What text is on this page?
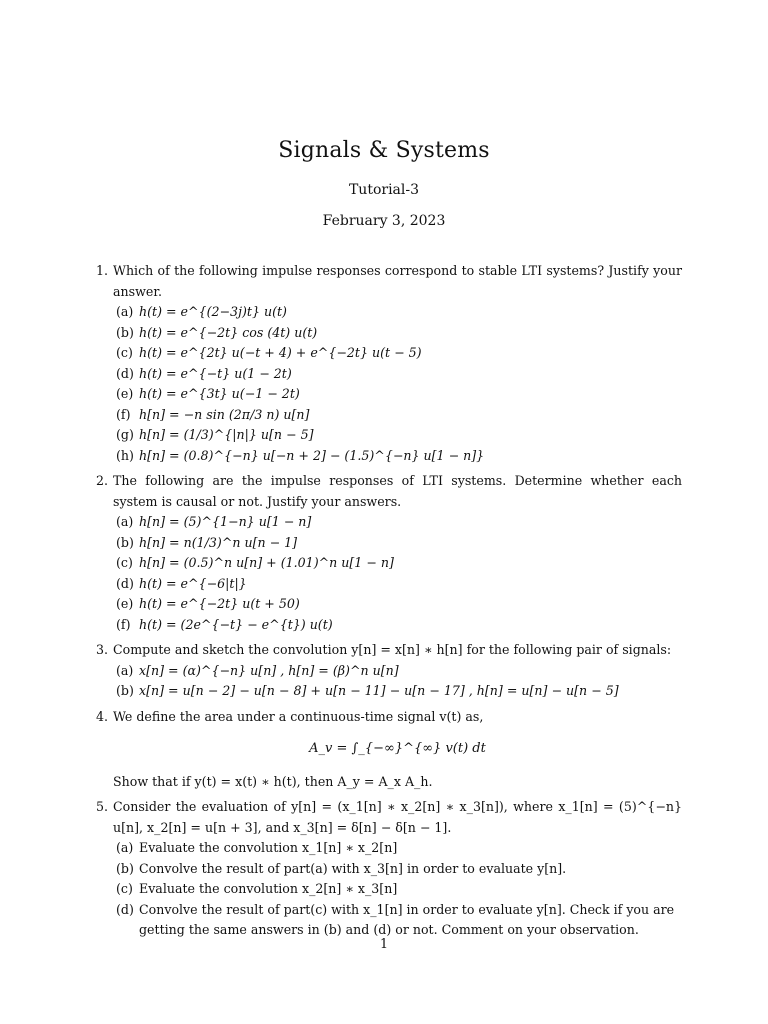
Signals & Systems
Tutorial-3
February 3, 2023
1. Which of the following impulse responses correspond to stable LTI systems? Justify your answer.
(a) h(t) = e^{(2−3j)t} u(t)
(b) h(t) = e^{−2t} cos (4t) u(t)
(c) h(t) = e^{2t} u(−t + 4) + e^{−2t} u(t − 5)
(d) h(t) = e^{−t} u(1 − 2t)
(e) h(t) = e^{3t} u(−1 − 2t)
(f) h[n] = −n sin (2π/3 n) u[n]
(g) h[n] = (1/3)^{|n|} u[n − 5]
(h) h[n] = (0.8)^{−n} u[−n + 2] − (1.5)^{−n} u[1 − n]}
2. The following are the impulse responses of LTI systems. Determine whether each system is causal or not. Justify your answers.
(a) h[n] = (5)^{1−n} u[1 − n]
(b) h[n] = n(1/3)^n u[n − 1]
(c) h[n] = (0.5)^n u[n] + (1.01)^n u[1 − n]
(d) h(t) = e^{−6|t|}
(e) h(t) = e^{−2t} u(t + 50)
(f) h(t) = (2e^{−t} − e^{t}) u(t)
3. Compute and sketch the convolution y[n] = x[n] ∗ h[n] for the following pair of signals:
(a) x[n] = (α)^{−n} u[n] , h[n] = (β)^n u[n]
(b) x[n] = u[n − 2] − u[n − 8] + u[n − 11] − u[n − 17] , h[n] = u[n] − u[n − 5]
4. We define the area under a continuous-time signal v(t) as,
A_v = ∫_{−∞}^{∞} v(t) dt
Show that if y(t) = x(t) ∗ h(t), then A_y = A_x A_h.
5. Consider the evaluation of y[n] = (x_1[n] ∗ x_2[n] ∗ x_3[n]), where x_1[n] = (5)^{−n} u[n], x_2[n] = u[n + 3], and x_3[n] = δ[n] − δ[n − 1].
(a) Evaluate the convolution x_1[n] ∗ x_2[n]
(b) Convolve the result of part(a) with x_3[n] in order to evaluate y[n].
(c) Evaluate the convolution x_2[n] ∗ x_3[n]
(d) Convolve the result of part(c) with x_1[n] in order to evaluate y[n]. Check if you are getting the same answers in (b) and (d) or not. Comment on your observation.
1
